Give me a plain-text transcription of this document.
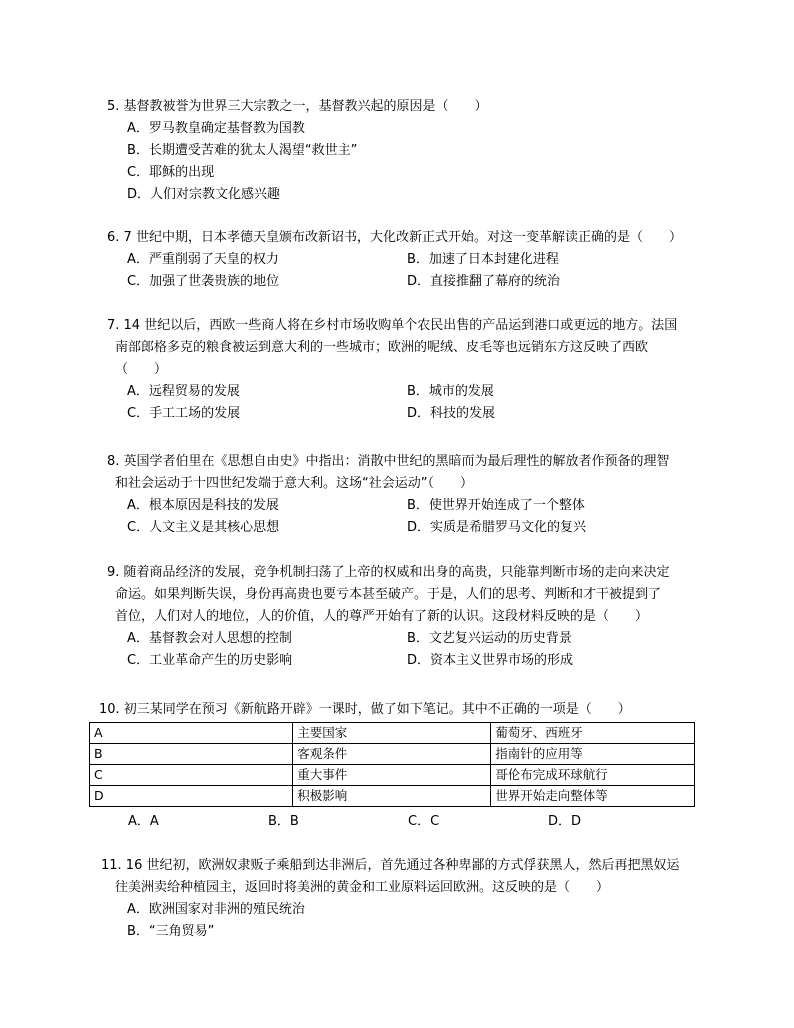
5. 基督教被誉为世界三大宗教之一，基督教兴起的原因是（　　）
A．罗马教皇确定基督教为国教
B．长期遭受苦难的犹太人渴望“救世主”
C．耶稣的出现
D．人们对宗教文化感兴趣
6. 7 世纪中期，日本孝德天皇颁布改新诏书，大化改新正式开始。对这一变革解读正确的是（　　）
A．严重削弱了天皇的权力	B．加速了日本封建化进程
C．加强了世袭贵族的地位	D．直接推翻了幕府的统治
7. 14 世纪以后，西欧一些商人将在乡村市场收购单个农民出售的产品运到港口或更远的地方。法国
南部郎格多克的粮食被运到意大利的一些城市；欧洲的呢绒、皮毛等也远销东方这反映了西欧
（　　）
A．远程贸易的发展	B．城市的发展
C．手工工场的发展	D．科技的发展
8. 英国学者伯里在《思想自由史》中指出：消散中世纪的黑暗而为最后理性的解放者作预备的理智
和社会运动于十四世纪发端于意大利。这场“社会运动”（　　）
A．根本原因是科技的发展	B．使世界开始连成了一个整体
C．人文主义是其核心思想	D．实质是希腊罗马文化的复兴
9. 随着商品经济的发展，竞争机制扫荡了上帝的权威和出身的高贵，只能靠判断市场的走向来决定
命运。如果判断失误，身份再高贵也要亏本甚至破产。于是，人们的思考、判断和才干被提到了
首位，人们对人的地位，人的价值，人的尊严开始有了新的认识。这段材料反映的是（　　）
A．基督教会对人思想的控制	B．文艺复兴运动的历史背景
C．工业革命产生的历史影响	D．资本主义世界市场的形成
10. 初三某同学在预习《新航路开辟》一课时，做了如下笔记。其中不正确的一项是（　　）
A	主要国家	葡萄牙、西班牙
B	客观条件	指南针的应用等
C	重大事件	哥伦布完成环球航行
D	积极影响	世界开始走向整体等
A．A	B．B	C．C	D．D
11. 16 世纪初，欧洲奴隶贩子乘船到达非洲后，首先通过各种卑鄙的方式俘获黑人，然后再把黑奴运
往美洲卖给种植园主，返回时将美洲的黄金和工业原料运回欧洲。这反映的是（　　）
A．欧洲国家对非洲的殖民统治
B．“三角贸易”
